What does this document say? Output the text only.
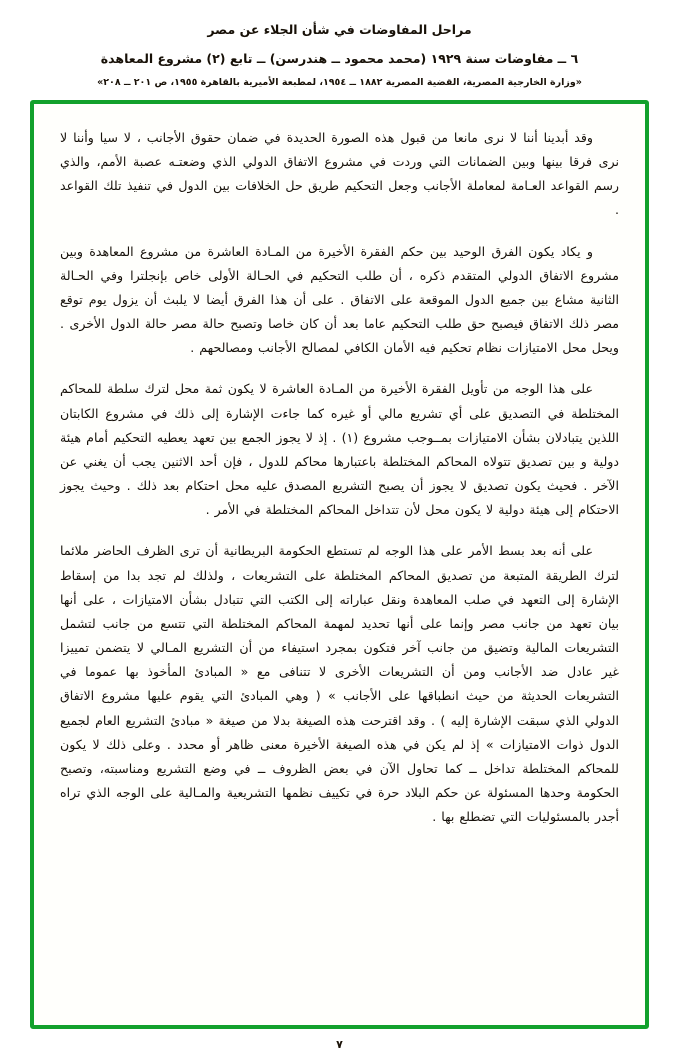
مراحل المفاوضات في شأن الجلاء عن مصر
٦ ــ مفاوضات سنة ١٩٢٩ (محمد محمود ــ هندرسن) ــ تابع (٢) مشروع المعاهدة
«وزارة الخارجية المصرية، القضية المصرية ١٨٨٢ ــ ١٩٥٤، لمطبعة الأميرية بالقاهرة ١٩٥٥، ص ٢٠١ ــ ٢٠٨»

وقد أبدينا أننا لا نرى مانعا من قبول هذه الصورة الحديدة في ضمان حقوق الأجانب ، لا سيا وأننا لا نرى فرقا بينها وبين الضمانات التي وردت في مشروع الاتفاق الدولي الذي وضعتـه عصبة الأمم، والذي رسم القواعد العـامة لمعاملة الأجانب وجعل التحكيم طريق حل الخلافات بين الدول في تنفيذ تلك القواعد .

و يكاد يكون الفرق الوحيد بين حكم الفقرة الأخيرة من المـادة العاشرة من مشروع المعاهدة وبين مشروع الاتفاق الدولي المتقدم ذكره ، أن طلب التحكيم في الحـالة الأولى خاص بإنجلترا وفي الحـالة الثانية مشاع بين جميع الدول الموقعة على الاتفاق . على أن هذا الفرق أيضا لا يلبث أن يزول يوم توقع مصر ذلك الاتفاق فيصبح حق طلب التحكيم عاما بعد أن كان خاصا وتصبح حالة مصر حالة الدول الأخرى . ويحل محل الامتيازات نظام تحكيم فيه الأمان الكافي لمصالح الأجانب ومصالحهم .

على هذا الوجه من تأويل الفقرة الأخيرة من المـادة العاشرة لا يكون ثمة محل لترك سلطة للمحاكم المختلطة في التصديق على أي تشريع مالي أو غيره كما جاءت الإشارة إلى ذلك في مشروع الكابتان اللذين يتبادلان بشأن الامتيازات بمــوجب مشروع (١) . إذ لا يجوز الجمع بين تعهد يعطيه التحكيم أمام هيئة دولية و بين تصديق تتولاه المحاكم المختلطة باعتبارها محاكم للدول ، فإن أحد الاثنين يجب أن يغني عن الآخر . فحيث يكون تصديق لا يجوز أن يصبح التشريع المصدق عليه محل احتكام بعد ذلك . وحيث يجوز الاحتكام إلى هيئة دولية لا يكون محل لأن تتداخل المحاكم المختلطة في الأمر .

على أنه بعد بسط الأمر على هذا الوجه لم تستطع الحكومة البريطانية أن ترى الظرف الحاضر ملائما لترك الطريقة المتبعة من تصديق المحاكم المختلطة على التشريعات ، ولذلك لم تجد بدا من إسقاط الإشارة إلى التعهد في صلب المعاهدة ونقل عباراته إلى الكتب التي تتبادل بشأن الامتيازات ، على أنها بيان تعهد من جانب مصر وإنما على أنها تحديد لمهمة المحاكم المختلطة التي تتسع من جانب لتشمل التشريعات المالية وتضيق من جانب آخر فتكون بمجرد استيفاء من أن التشريع المـالي لا يتضمن تمييزا غير عادل ضد الأجانب ومن أن التشريعات الأخرى لا تتنافى مع « المبادئ المأخوذ بها عموما في التشريعات الحديثة من حيث انطباقها على الأجانب » ( وهي المبادئ التي يقوم عليها مشروع الاتفاق الدولي الذي سبقت الإشارة إليه ) . وقد اقترحت هذه الصيغة بدلا من صيغة « مبادئ التشريع العام لجميع الدول ذوات الامتيازات » إذ لم يكن في هذه الصيغة الأخيرة معنى ظاهر أو محدد . وعلى ذلك لا يكون للمحاكم المختلطة تداخل ــ كما تحاول الآن في بعض الظروف ــ في وضع التشريع ومناسبته، وتصبح الحكومة وحدها المسئولة عن حكم البلاد حرة في تكييف نظمها التشريعية والمـالية على الوجه الذي تراه أجدر بالمسئوليات التي تضطلع بها .

٧
